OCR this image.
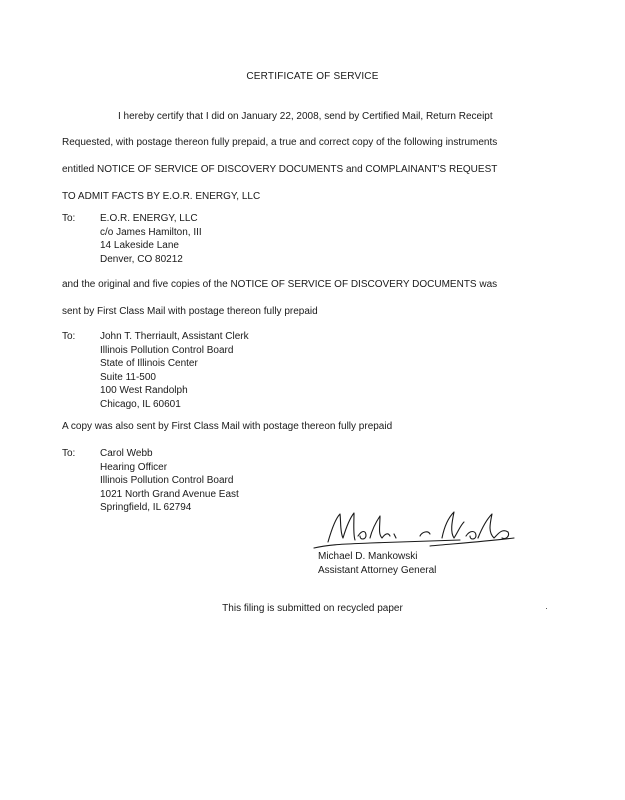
CERTIFICATE OF SERVICE
I hereby certify that I did on January 22, 2008, send by Certified Mail, Return Receipt
Requested, with postage thereon fully prepaid, a true and correct copy of the following instruments
entitled NOTICE OF SERVICE OF DISCOVERY DOCUMENTS and COMPLAINANT'S REQUEST
TO ADMIT FACTS BY E.O.R. ENERGY, LLC
To: E.O.R. ENERGY, LLC
c/o James Hamilton, III
14 Lakeside Lane
Denver, CO 80212
and the original and five copies of the NOTICE OF SERVICE OF DISCOVERY DOCUMENTS was
sent by First Class Mail with postage thereon fully prepaid
To: John T. Therriault, Assistant Clerk
Illinois Pollution Control Board
State of Illinois Center
Suite 11-500
100 West Randolph
Chicago, IL 60601
A copy was also sent by First Class Mail with postage thereon fully prepaid
To: Carol Webb
Hearing Officer
Illinois Pollution Control Board
1021 North Grand Avenue East
Springfield, IL 62794
Michael D. Mankowski
Assistant Attorney General
This filing is submitted on recycled paper
